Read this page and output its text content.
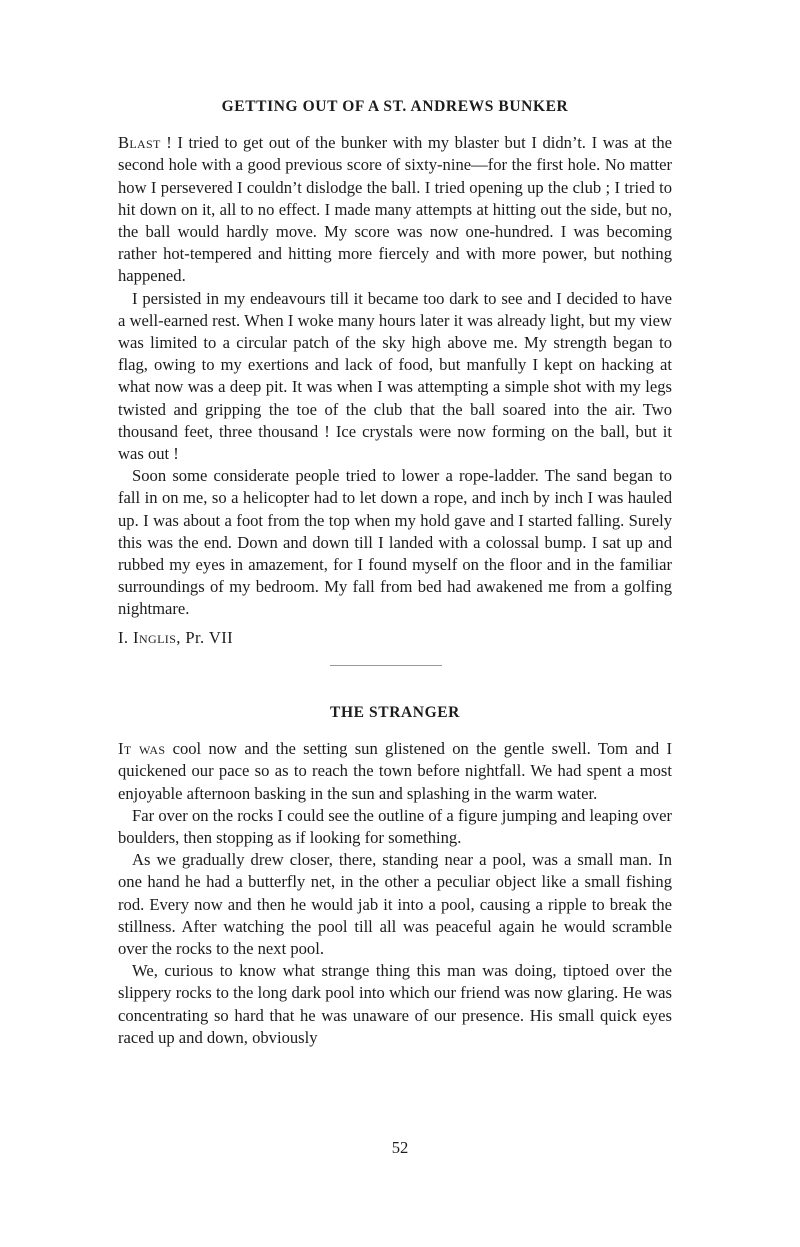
GETTING OUT OF A ST. ANDREWS BUNKER

Blast ! I tried to get out of the bunker with my blaster but I didn’t. I was at the second hole with a good previous score of sixty-nine—for the first hole. No matter how I persevered I couldn’t dislodge the ball. I tried opening up the club ; I tried to hit down on it, all to no effect. I made many attempts at hitting out the side, but no, the ball would hardly move. My score was now one-hundred. I was becoming rather hot-tempered and hitting more fiercely and with more power, but nothing happened.

I persisted in my endeavours till it became too dark to see and I decided to have a well-earned rest. When I woke many hours later it was already light, but my view was limited to a circular patch of the sky high above me. My strength began to flag, owing to my exertions and lack of food, but manfully I kept on hacking at what now was a deep pit. It was when I was attempting a simple shot with my legs twisted and gripping the toe of the club that the ball soared into the air. Two thousand feet, three thousand ! Ice crystals were now forming on the ball, but it was out !

Soon some considerate people tried to lower a rope-ladder. The sand began to fall in on me, so a helicopter had to let down a rope, and inch by inch I was hauled up. I was about a foot from the top when my hold gave and I started falling. Surely this was the end. Down and down till I landed with a colossal bump. I sat up and rubbed my eyes in amazement, for I found myself on the floor and in the familiar surroundings of my bedroom. My fall from bed had awakened me from a golfing nightmare.

I. Inglis, Pr. VII

THE STRANGER

It was cool now and the setting sun glistened on the gentle swell. Tom and I quickened our pace so as to reach the town before nightfall. We had spent a most enjoyable afternoon basking in the sun and splashing in the warm water.

Far over on the rocks I could see the outline of a figure jumping and leaping over boulders, then stopping as if looking for something.

As we gradually drew closer, there, standing near a pool, was a small man. In one hand he had a butterfly net, in the other a peculiar object like a small fishing rod. Every now and then he would jab it into a pool, causing a ripple to break the stillness. After watching the pool till all was peaceful again he would scramble over the rocks to the next pool.

We, curious to know what strange thing this man was doing, tiptoed over the slippery rocks to the long dark pool into which our friend was now glaring. He was concentrating so hard that he was unaware of our presence. His small quick eyes raced up and down, obviously

52
